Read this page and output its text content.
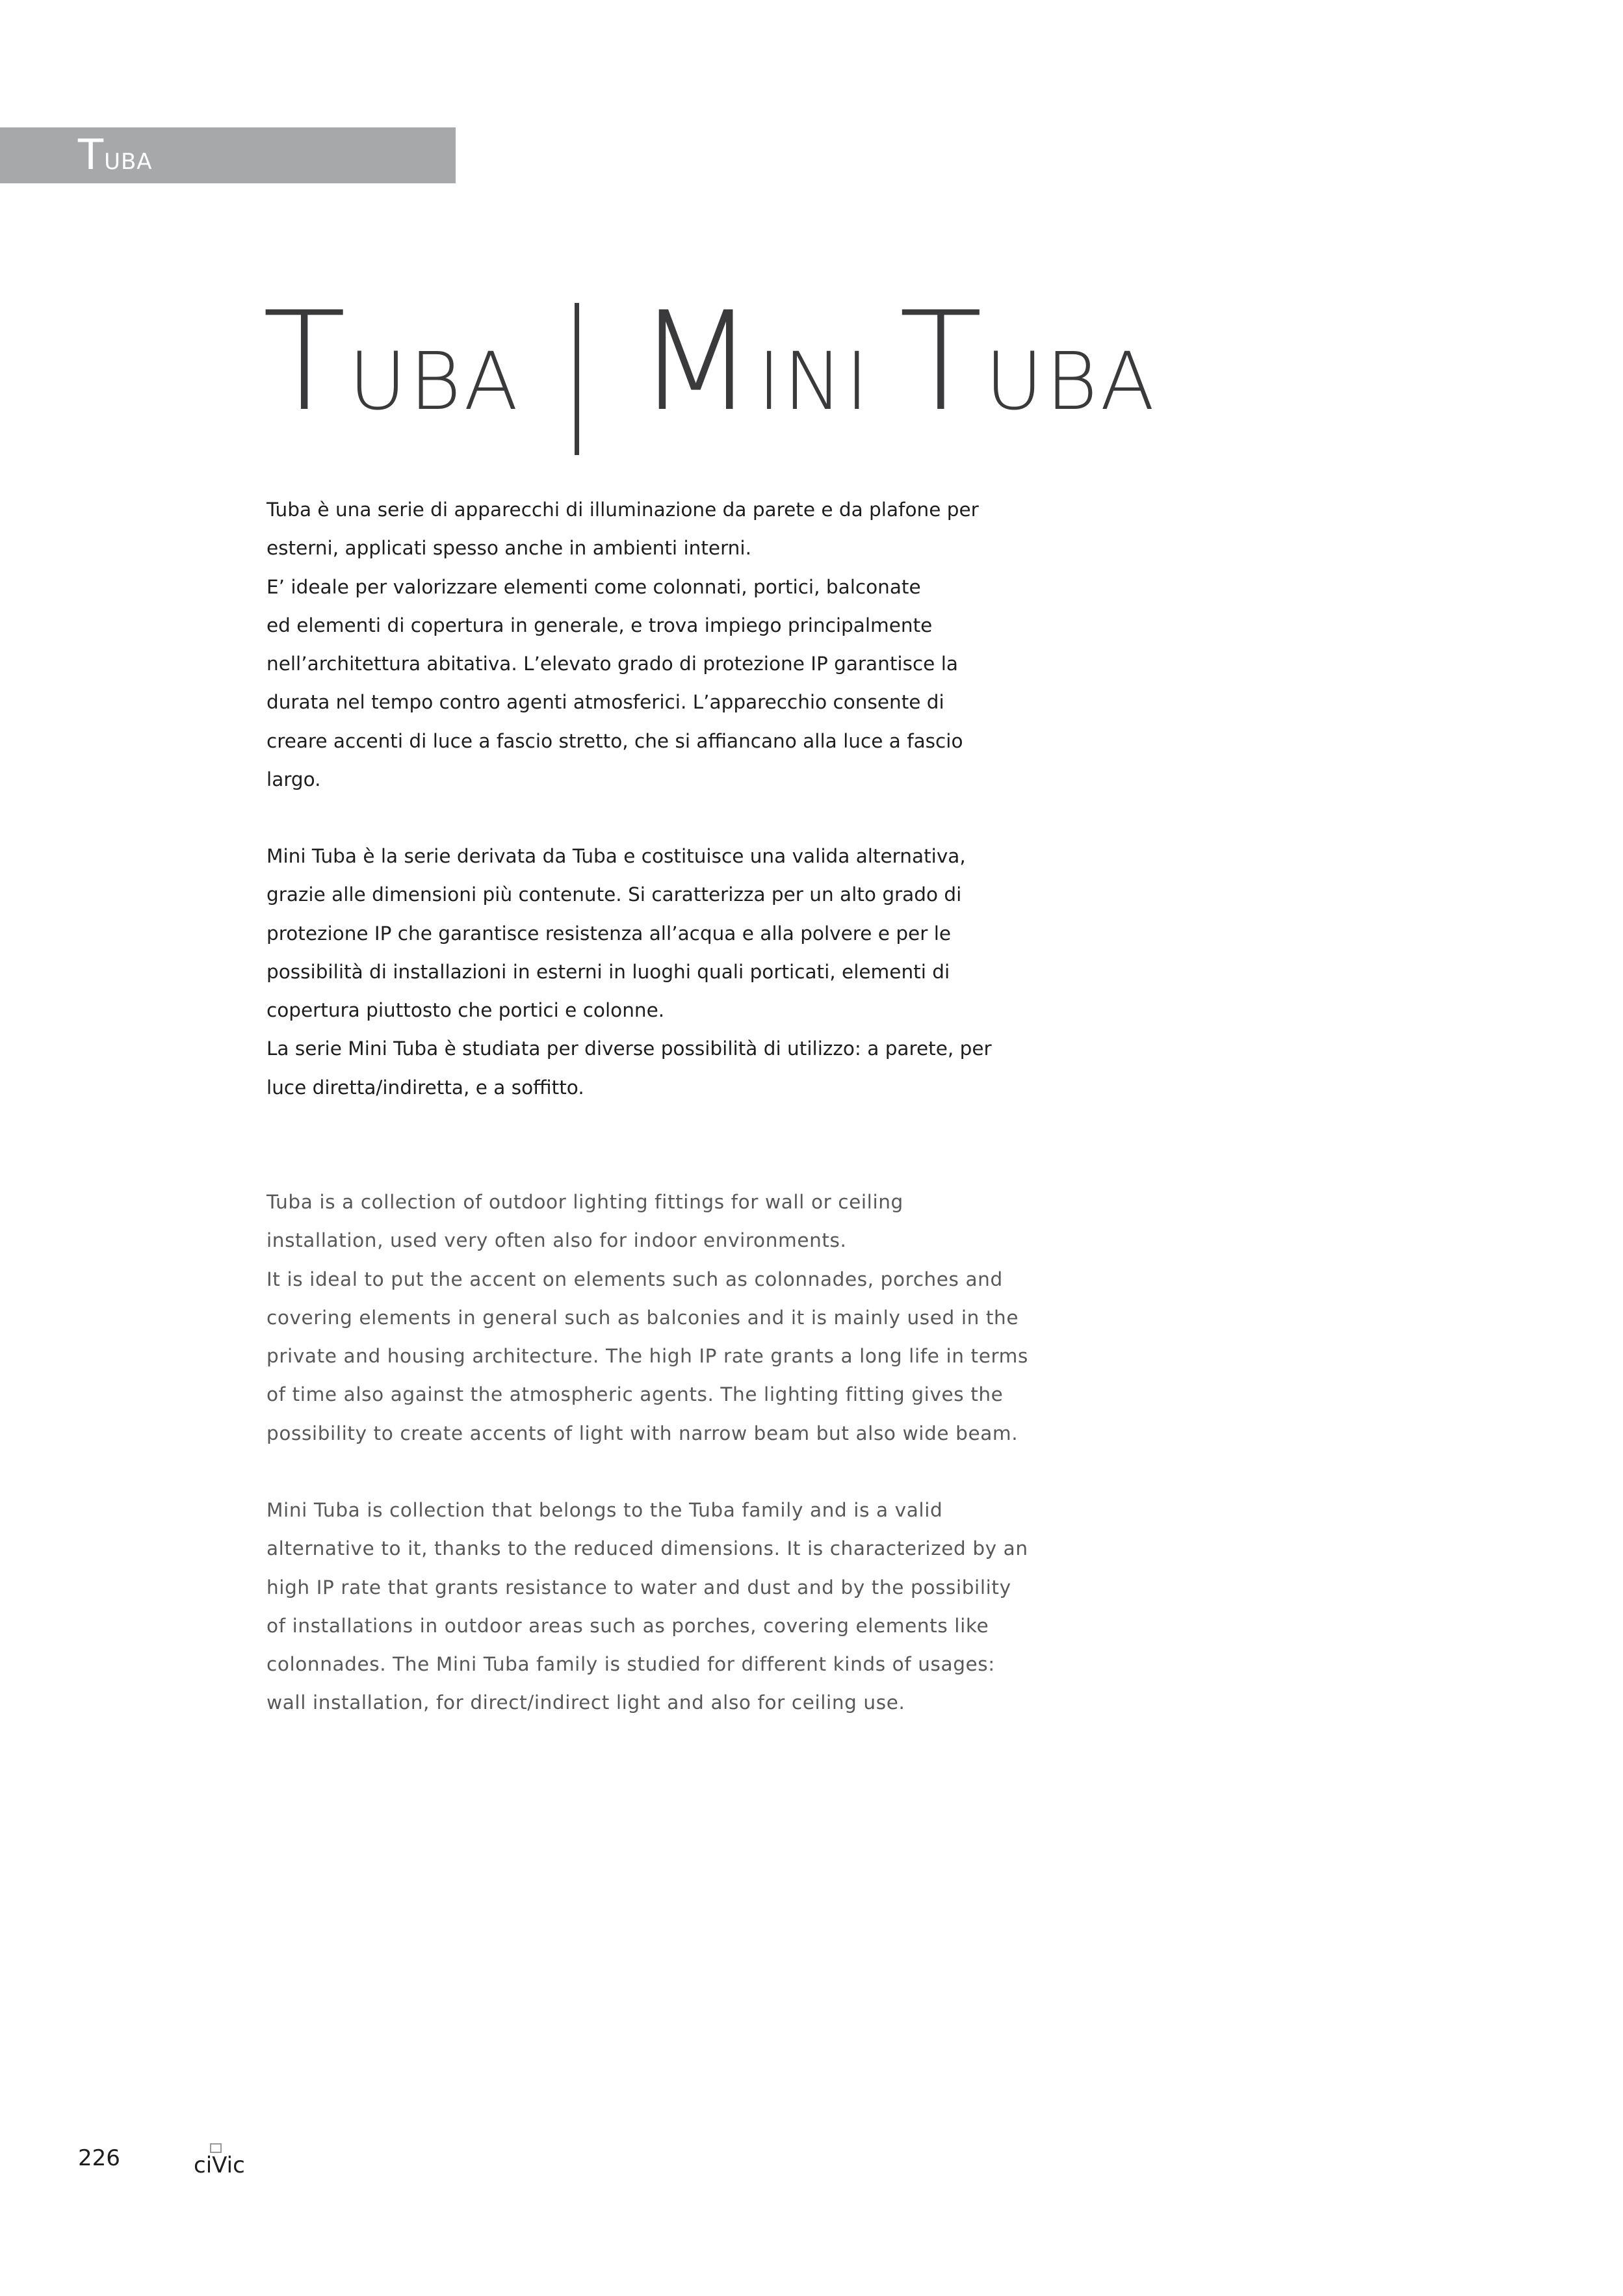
Tuba
TUBA MINI TUBA
Tuba è una serie di apparecchi di illuminazione da parete e da plafone per
esterni, applicati spesso anche in ambienti interni.
E’ ideale per valorizzare elementi come colonnati, portici, balconate
ed elementi di copertura in generale, e trova impiego principalmente
nell’architettura abitativa. L’elevato grado di protezione IP garantisce la
durata nel tempo contro agenti atmosferici. L’apparecchio consente di
creare accenti di luce a fascio stretto, che si affiancano alla luce a fascio
largo.
Mini Tuba è la serie derivata da Tuba e costituisce una valida alternativa,
grazie alle dimensioni più contenute. Si caratterizza per un alto grado di
protezione IP che garantisce resistenza all’acqua e alla polvere e per le
possibilità di installazioni in esterni in luoghi quali porticati, elementi di
copertura piuttosto che portici e colonne.
La serie Mini Tuba è studiata per diverse possibilità di utilizzo: a parete, per
luce diretta/indiretta, e a soffitto.
Tuba is a collection of outdoor lighting fittings for wall or ceiling
installation, used very often also for indoor environments.
It is ideal to put the accent on elements such as colonnades, porches and
covering elements in general such as balconies and it is mainly used in the
private and housing architecture. The high IP rate grants a long life in terms
of time also against the atmospheric agents. The lighting fitting gives the
possibility to create accents of light with narrow beam but also wide beam.
Mini Tuba is collection that belongs to the Tuba family and is a valid
alternative to it, thanks to the reduced dimensions. It is characterized by an
high IP rate that grants resistance to water and dust and by the possibility
of installations in outdoor areas such as porches, covering elements like
colonnades. The Mini Tuba family is studied for different kinds of usages:
wall installation, for direct/indirect light and also for ceiling use.
226	ciVic
